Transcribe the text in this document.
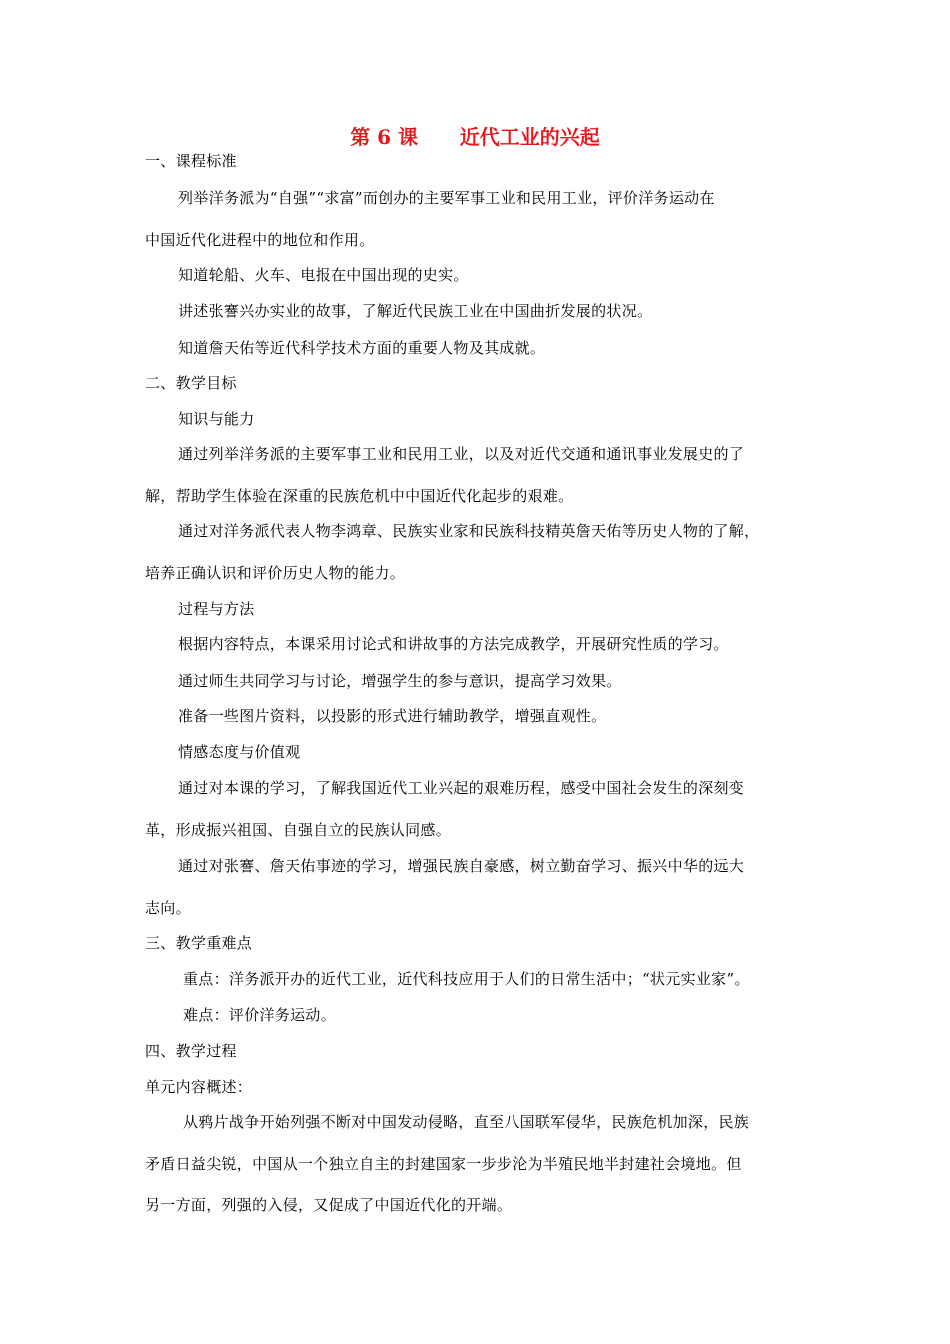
第 6 课      近代工业的兴起
一、课程标准
列举洋务派为“自强”“求富”而创办的主要军事工业和民用工业，评价洋务运动在
中国近代化进程中的地位和作用。
知道轮船、火车、电报在中国出现的史实。
讲述张謇兴办实业的故事，了解近代民族工业在中国曲折发展的状况。
知道詹天佑等近代科学技术方面的重要人物及其成就。
二、教学目标
知识与能力
通过列举洋务派的主要军事工业和民用工业，以及对近代交通和通讯事业发展史的了
解，帮助学生体验在深重的民族危机中中国近代化起步的艰难。
通过对洋务派代表人物李鸿章、民族实业家和民族科技精英詹天佑等历史人物的了解，
培养正确认识和评价历史人物的能力。
过程与方法
根据内容特点，本课采用讨论式和讲故事的方法完成教学，开展研究性质的学习。
通过师生共同学习与讨论，增强学生的参与意识，提高学习效果。
准备一些图片资料，以投影的形式进行辅助教学，增强直观性。
情感态度与价值观
通过对本课的学习，了解我国近代工业兴起的艰难历程，感受中国社会发生的深刻变
革，形成振兴祖国、自强自立的民族认同感。
通过对张謇、詹天佑事迹的学习，增强民族自豪感，树立勤奋学习、振兴中华的远大
志向。
三、教学重难点
重点：洋务派开办的近代工业，近代科技应用于人们的日常生活中；“状元实业家”。
难点：评价洋务运动。
四、教学过程
单元内容概述：
从鸦片战争开始列强不断对中国发动侵略，直至八国联军侵华，民族危机加深，民族
矛盾日益尖锐，中国从一个独立自主的封建国家一步步沦为半殖民地半封建社会境地。但
另一方面，列强的入侵，又促成了中国近代化的开端。
